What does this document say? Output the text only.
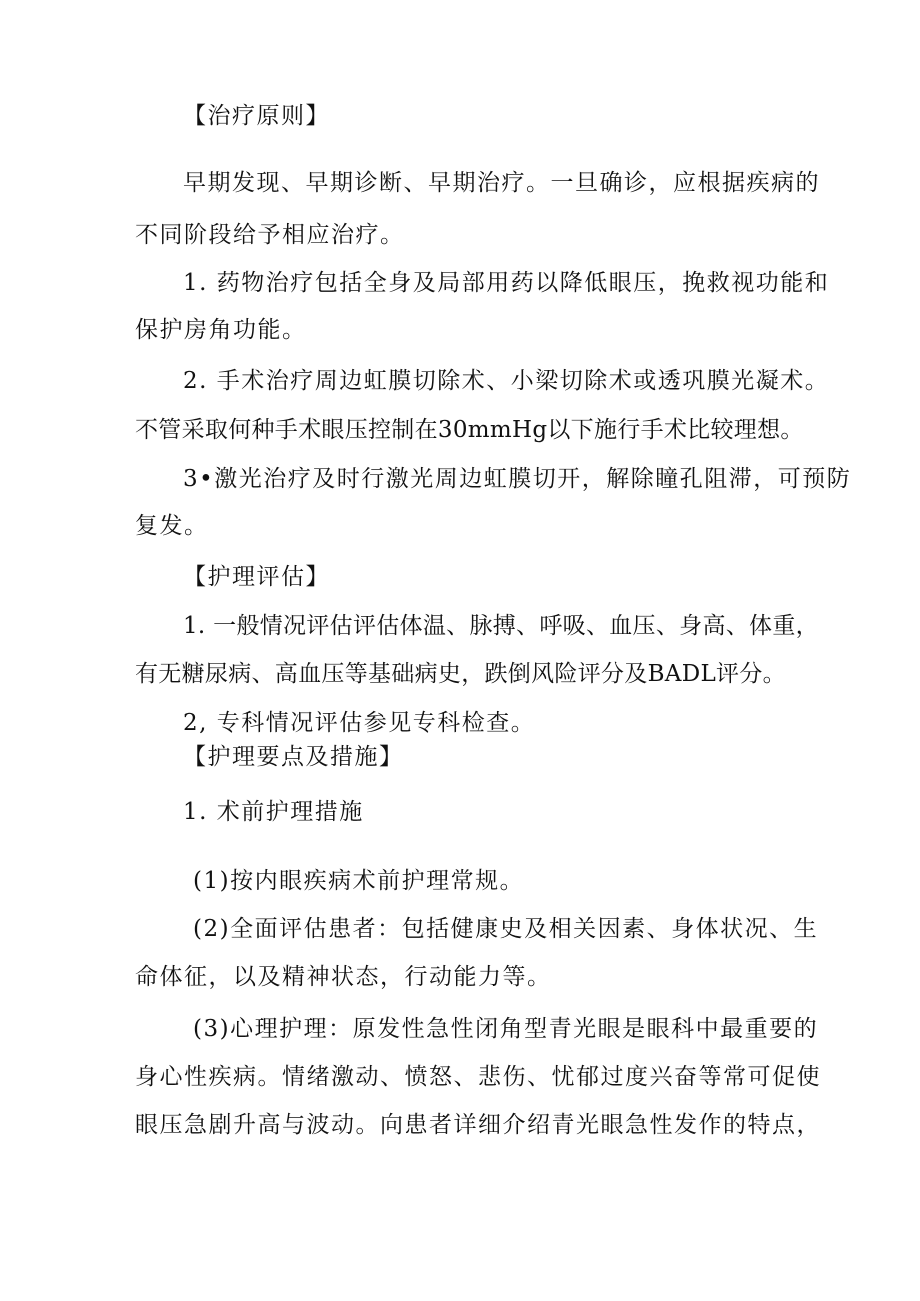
【治疗原则】
早期发现、早期诊断、早期治疗。一旦确诊，应根据疾病的
不同阶段给予相应治疗。
1. 药物治疗包括全身及局部用药以降低眼压，挽救视功能和
保护房角功能。
2. 手术治疗周边虹膜切除术、小梁切除术或透巩膜光凝术。
不管采取何种手术眼压控制在30mmHg以下施行手术比较理想。
3•激光治疗及时行激光周边虹膜切开，解除瞳孔阻滞，可预防
复发。
【护理评估】
1. 一般情况评估评估体温、脉搏、呼吸、血压、身高、体重，
有无糖尿病、高血压等基础病史，跌倒风险评分及BADL评分。
2, 专科情况评估参见专科检查。
【护理要点及措施】
1. 术前护理措施
(1)按内眼疾病术前护理常规。
(2)全面评估患者：包括健康史及相关因素、身体状况、生
命体征，以及精神状态，行动能力等。
(3)心理护理：原发性急性闭角型青光眼是眼科中最重要的
身心性疾病。情绪激动、愤怒、悲伤、忧郁过度兴奋等常可促使
眼压急剧升高与波动。向患者详细介绍青光眼急性发作的特点，
